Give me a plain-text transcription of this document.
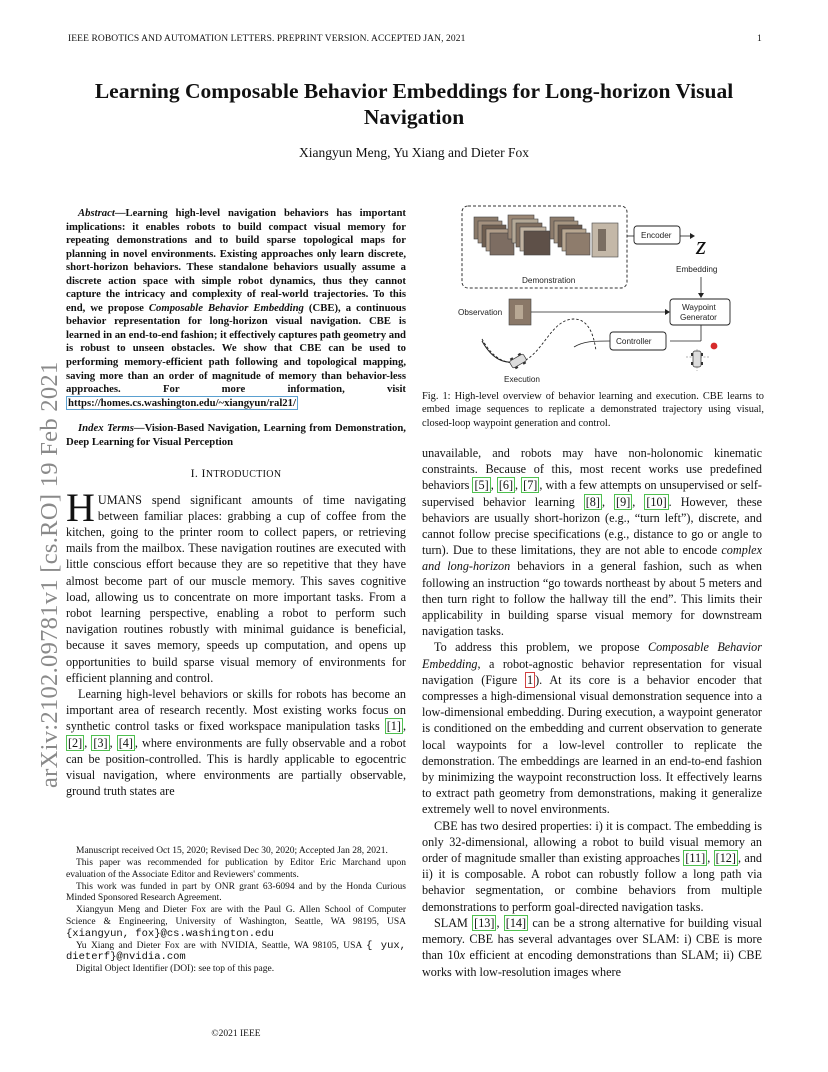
IEEE ROBOTICS AND AUTOMATION LETTERS. PREPRINT VERSION. ACCEPTED JAN, 2021	1
arXiv:2102.09781v1 [cs.RO] 19 Feb 2021
Learning Composable Behavior Embeddings for Long-horizon Visual Navigation
Xiangyun Meng, Yu Xiang and Dieter Fox
Abstract—Learning high-level navigation behaviors has important implications: it enables robots to build compact visual memory for repeating demonstrations and to build sparse topological maps for planning in novel environments. Existing approaches only learn discrete, short-horizon behaviors. These standalone behaviors usually assume a discrete action space with simple robot dynamics, thus they cannot capture the intricacy and complexity of real-world trajectories. To this end, we propose Composable Behavior Embedding (CBE), a continuous behavior representation for long-horizon visual navigation. CBE is learned in an end-to-end fashion; it effectively captures path geometry and is robust to unseen obstacles. We show that CBE can be used to performing memory-efficient path following and topological mapping, saving more than an order of magnitude of memory than behavior-less approaches. For more information, visit https://homes.cs.washington.edu/~xiangyun/ral21/
Index Terms—Vision-Based Navigation, Learning from Demonstration, Deep Learning for Visual Perception
I. INTRODUCTION

HUMANS spend significant amounts of time navigating between familiar places: grabbing a cup of coffee from the kitchen, going to the printer room to collect papers, or retrieving mails from the mailbox. These navigation routines are executed with little conscious effort because they are so repetitive that they have almost become part of our muscle memory. This saves cognitive load, allowing us to concentrate on more important tasks. From a robot learning perspective, enabling a robot to perform such navigation routines robustly with minimal guidance is beneficial, because it saves memory, speeds up computation, and opens up opportunities to build sparse visual memory of environments for efficient planning and control.

Learning high-level behaviors or skills for robots has become an important area of research recently. Most existing works focus on synthetic control tasks or fixed workspace manipulation tasks [1] , [2] , [3] , [4] , where environments are fully observable and a robot can be position-controlled. This is hardly applicable to egocentric visual navigation, where environments are partially observable, ground truth states are

Manuscript received Oct 15, 2020; Revised Dec 30, 2020; Accepted Jan 28, 2021.

This paper was recommended for publication by Editor Eric Marchand upon evaluation of the Associate Editor and Reviewers' comments.

This work was funded in part by ONR grant 63-6094 and by the Honda Curious Minded Sponsored Research Agreement.

Xiangyun Meng and Dieter Fox are with the Paul G. Allen School of Computer Science & Engineering, University of Washington, Seattle, WA 98195, USA {xiangyun, fox}@cs.washington.edu

Yu Xiang and Dieter Fox are with NVIDIA, Seattle, WA 98105, USA { yux, dieterf}@nvidia.com

Digital Object Identifier (DOI): see top of this page.

©2021 IEEE
Demonstration
Encoder z
Embedding
Waypoint
Generator
Observation
Controller
Execution
Fig. 1: High-level overview of behavior learning and execution. CBE learns to embed image sequences to replicate a demonstrated trajectory using visual, closed-loop waypoint generation and control.

unavailable, and robots may have non-holonomic kinematic constraints. Because of this, most recent works use predefined behaviors [5] , [6] , [7] , with a few attempts on unsupervised or self-supervised behavior learning [8] , [9] , [10] . However, these behaviors are usually short-horizon (e.g., “turn left”), discrete, and cannot follow precise specifications (e.g., distance to go or angle to turn). Due to these limitations, they are not able to encode complex and long-horizon behaviors in a general fashion, such as when following an instruction “go towards northeast by about 5 meters and then turn right to follow the hallway till the end”. This limits their applicability in building sparse visual memory for downstream navigation tasks.

To address this problem, we propose Composable Behavior Embedding, a robot-agnostic behavior representation for visual navigation (Figure 1 ). At its core is a behavior encoder that compresses a high-dimensional visual demonstration sequence into a low-dimensional embedding. During execution, a waypoint generator is conditioned on the embedding and current observation to generate local waypoints for a low-level controller to replicate the demonstration. The embeddings are learned in an end-to-end fashion by minimizing the waypoint reconstruction loss. It effectively learns to extract path geometry from demonstrations, making it generalize extremely well to novel environments.

CBE has two desired properties: i) it is compact. The embedding is only 32-dimensional, allowing a robot to build visual memory an order of magnitude smaller than existing approaches [11] , [12] , and ii) it is composable. A robot can robustly follow a long path via behavior segmentation, or combine behaviors from multiple demonstrations to perform goal-directed navigation tasks.

SLAM [13] , [14] can be a strong alternative for building visual memory. CBE has several advantages over SLAM: i) CBE is more than 10x efficient at encoding demonstrations than SLAM; ii) CBE works with low-resolution images where
